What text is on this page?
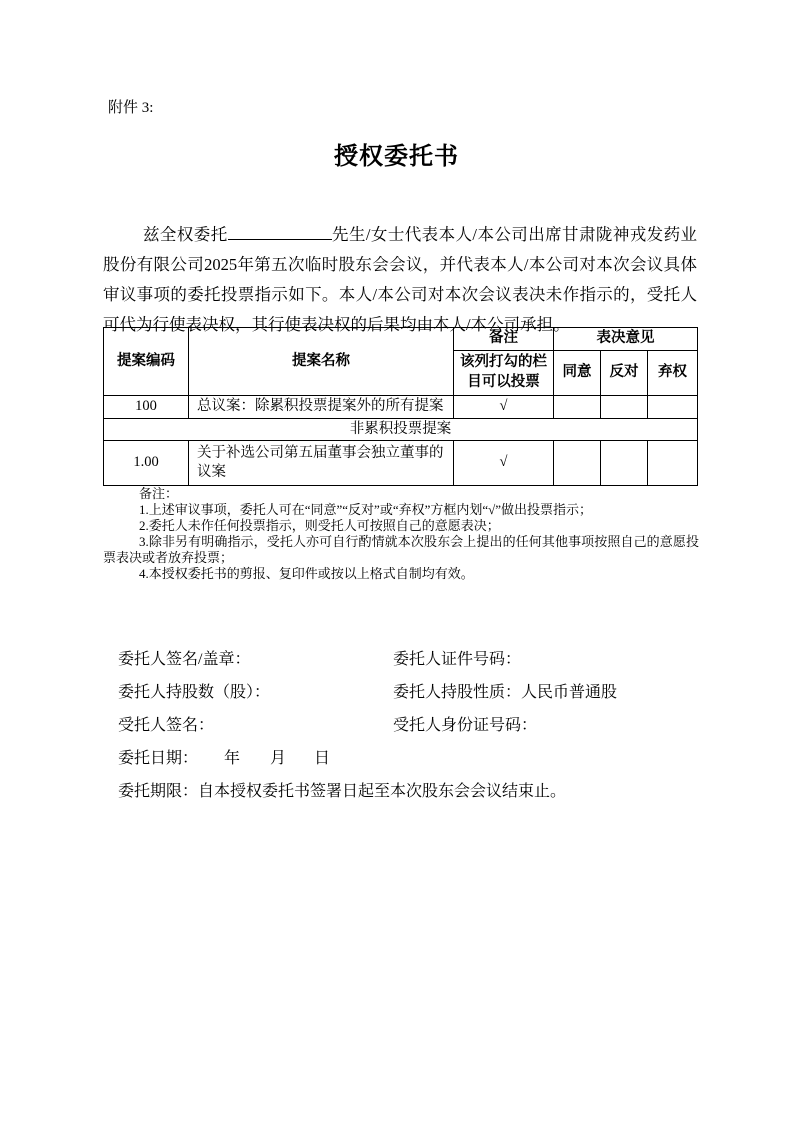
附件 3:
授权委托书

兹全权委托	先生/女士代表本人/本公司出席甘肃陇神戎发药业股份有限公司2025年第五次临时股东会会议，并代表本人/本公司对本次会议具体审议事项的委托投票指示如下。本人/本公司对本次会议表决未作指示的，受托人可代为行使表决权，其行使表决权的后果均由本人/本公司承担。

提案编码	提案名称	备注	表决意见		
		该列打勾的栏目可以投票	同意	反对	弃权
100	总议案：除累积投票提案外的所有提案	√			
非累积投票提案					
1.00	关于补选公司第五届董事会独立董事的议案	√			
备注：
1.上述审议事项，委托人可在“同意”“反对”或“弃权”方框内划“√”做出投票指示；
2.委托人未作任何投票指示，则受托人可按照自己的意愿表决；
3.除非另有明确指示，受托人亦可自行酌情就本次股东会上提出的任何其他事项按照自己的意愿投票表决或者放弃投票；
4.本授权委托书的剪报、复印件或按以上格式自制均有效。
委托人签名/盖章：	委托人证件号码：
委托人持股数（股）：	委托人持股性质：人民币普通股
受托人签名：	受托人身份证号码：
委托日期： 年 月 日
委托期限：自本授权委托书签署日起至本次股东会会议结束止。
